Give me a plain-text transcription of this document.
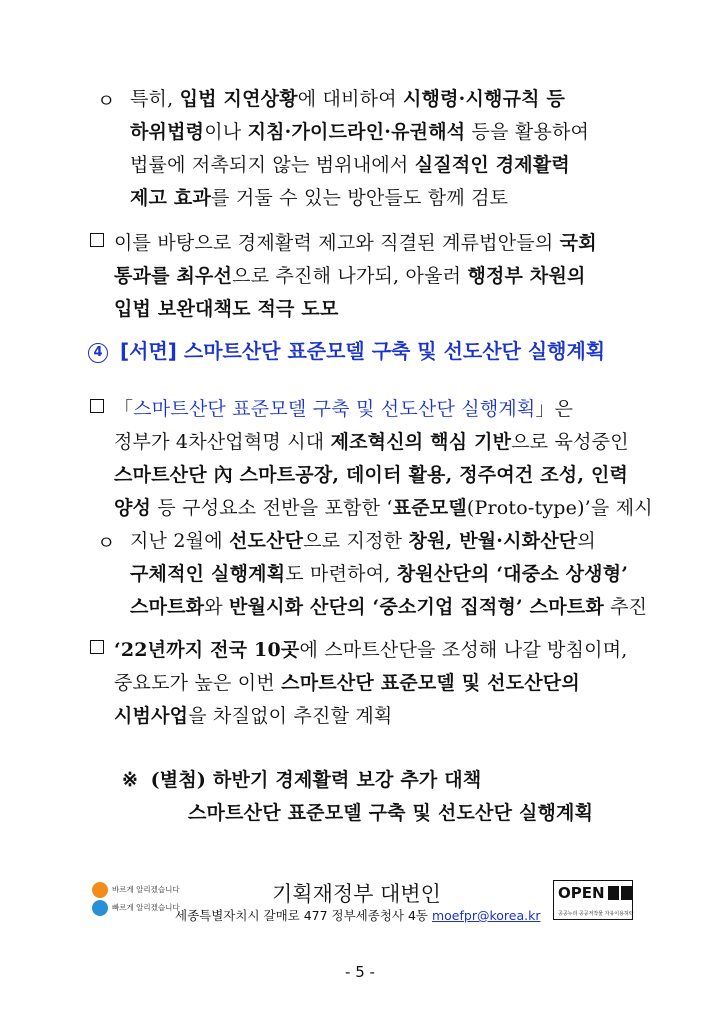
ㅇ 특히, 입법 지연상황에 대비하여 시행령·시행규칙 등
하위법령이나 지침·가이드라인·유권해석 등을 활용하여
법률에 저촉되지 않는 범위내에서 실질적인 경제활력
제고 효과를 거둘 수 있는 방안들도 함께 검토
이를 바탕으로 경제활력 제고와 직결된 계류법안들의 국회
통과를 최우선으로 추진해 나가되, 아울러 행정부 차원의
입법 보완대책도 적극 도모
4 [서면] 스마트산단 표준모델 구축 및 선도산단 실행계획
「스마트산단 표준모델 구축 및 선도산단 실행계획」은
정부가 4차산업혁명 시대 제조혁신의 핵심 기반으로 육성중인
스마트산단 內 스마트공장, 데이터 활용, 정주여건 조성, 인력
양성 등 구성요소 전반을 포함한 ‘표준모델(Proto-type)’을 제시
ㅇ 지난 2월에 선도산단으로 지정한 창원, 반월·시화산단의
구체적인 실행계획도 마련하여, 창원산단의 ‘대중소 상생형’
스마트화와 반월시화 산단의 ‘중소기업 집적형’ 스마트화 추진
‘22년까지 전국 10곳에 스마트산단을 조성해 나갈 방침이며,
중요도가 높은 이번 스마트산단 표준모델 및 선도산단의
시범사업을 차질없이 추진할 계획
※ (별첨) 하반기 경제활력 보강 추가 대책
스마트산단 표준모델 구축 및 선도산단 실행계획
바르게 알리겠습니다
빠르게 알리겠습니다
기획재정부 대변인
세종특별자치시 갈매로 477 정부세종청사 4동 moefpr@korea.kr
OPEN
공공누리 공공저작물 자유이용허락
- 5 -
